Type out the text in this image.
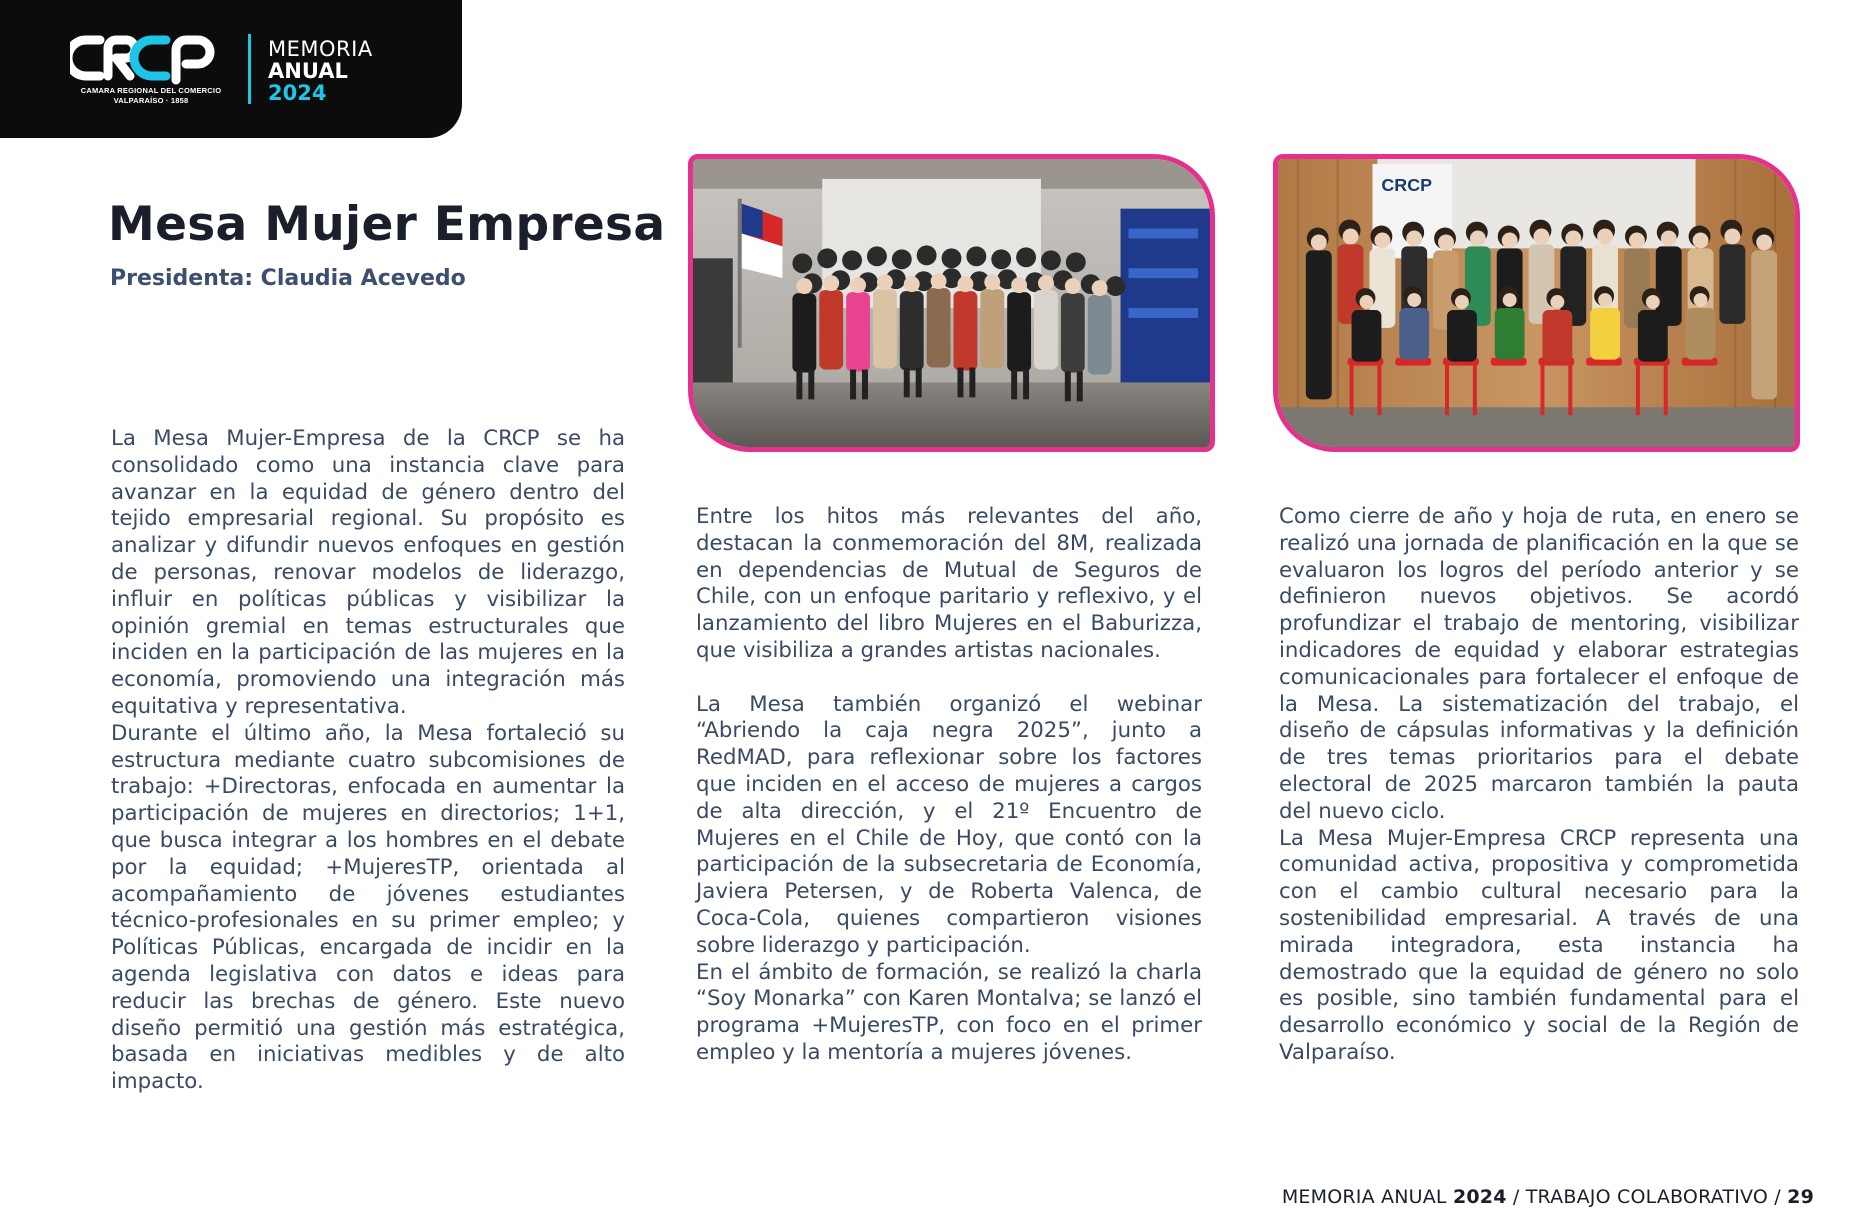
CAMARA REGIONAL DEL COMERCIO
VALPARAÍSO · 1858
MEMORIA
ANUAL
2024
Mesa Mujer Empresa
Presidenta: Claudia Acevedo
CRCP

La Mesa Mujer-Empresa de la CRCP se ha consolidado como una instancia clave para avanzar en la equidad de género dentro del tejido empresarial regional. Su propósito es analizar y difundir nuevos enfoques en gestión de personas, renovar modelos de liderazgo, influir en políticas públicas y visibilizar la opinión gremial en temas estructurales que inciden en la participación de las mujeres en la economía, promoviendo una integración más equitativa y representativa.

Durante el último año, la Mesa fortaleció su estructura mediante cuatro subcomisiones de trabajo: +Directoras, enfocada en aumentar la participación de mujeres en directorios; 1+1, que busca integrar a los hombres en el debate por la equidad; +MujeresTP, orientada al acompañamiento de jóvenes estudiantes técnico-profesionales en su primer empleo; y Políticas Públicas, encargada de incidir en la agenda legislativa con datos e ideas para reducir las brechas de género. Este nuevo diseño permitió una gestión más estratégica, basada en iniciativas medibles y de alto impacto.

Entre los hitos más relevantes del año, destacan la conmemoración del 8M, realizada en dependencias de Mutual de Seguros de Chile, con un enfoque paritario y reflexivo, y el lanzamiento del libro Mujeres en el Baburizza, que visibiliza a grandes artistas nacionales.

La Mesa también organizó el webinar “Abriendo la caja negra 2025”, junto a RedMAD, para reflexionar sobre los factores que inciden en el acceso de mujeres a cargos de alta dirección, y el 21º Encuentro de Mujeres en el Chile de Hoy, que contó con la participación de la subsecretaria de Economía, Javiera Petersen, y de Roberta Valenca, de Coca-Cola, quienes compartieron visiones sobre liderazgo y participación.

En el ámbito de formación, se realizó la charla “Soy Monarka” con Karen Montalva; se lanzó el programa +MujeresTP, con foco en el primer empleo y la mentoría a mujeres jóvenes.

Como cierre de año y hoja de ruta, en enero se realizó una jornada de planificación en la que se evaluaron los logros del período anterior y se definieron nuevos objetivos. Se acordó profundizar el trabajo de mentoring, visibilizar indicadores de equidad y elaborar estrategias comunicacionales para fortalecer el enfoque de la Mesa. La sistematización del trabajo, el diseño de cápsulas informativas y la definición de tres temas prioritarios para el debate electoral de 2025 marcaron también la pauta del nuevo ciclo.

La Mesa Mujer-Empresa CRCP representa una comunidad activa, propositiva y comprometida con el cambio cultural necesario para la sostenibilidad empresarial. A través de una mirada integradora, esta instancia ha demostrado que la equidad de género no solo es posible, sino también fundamental para el desarrollo económico y social de la Región de Valparaíso.

MEMORIA ANUAL 2024 / TRABAJO COLABORATIVO / 29
